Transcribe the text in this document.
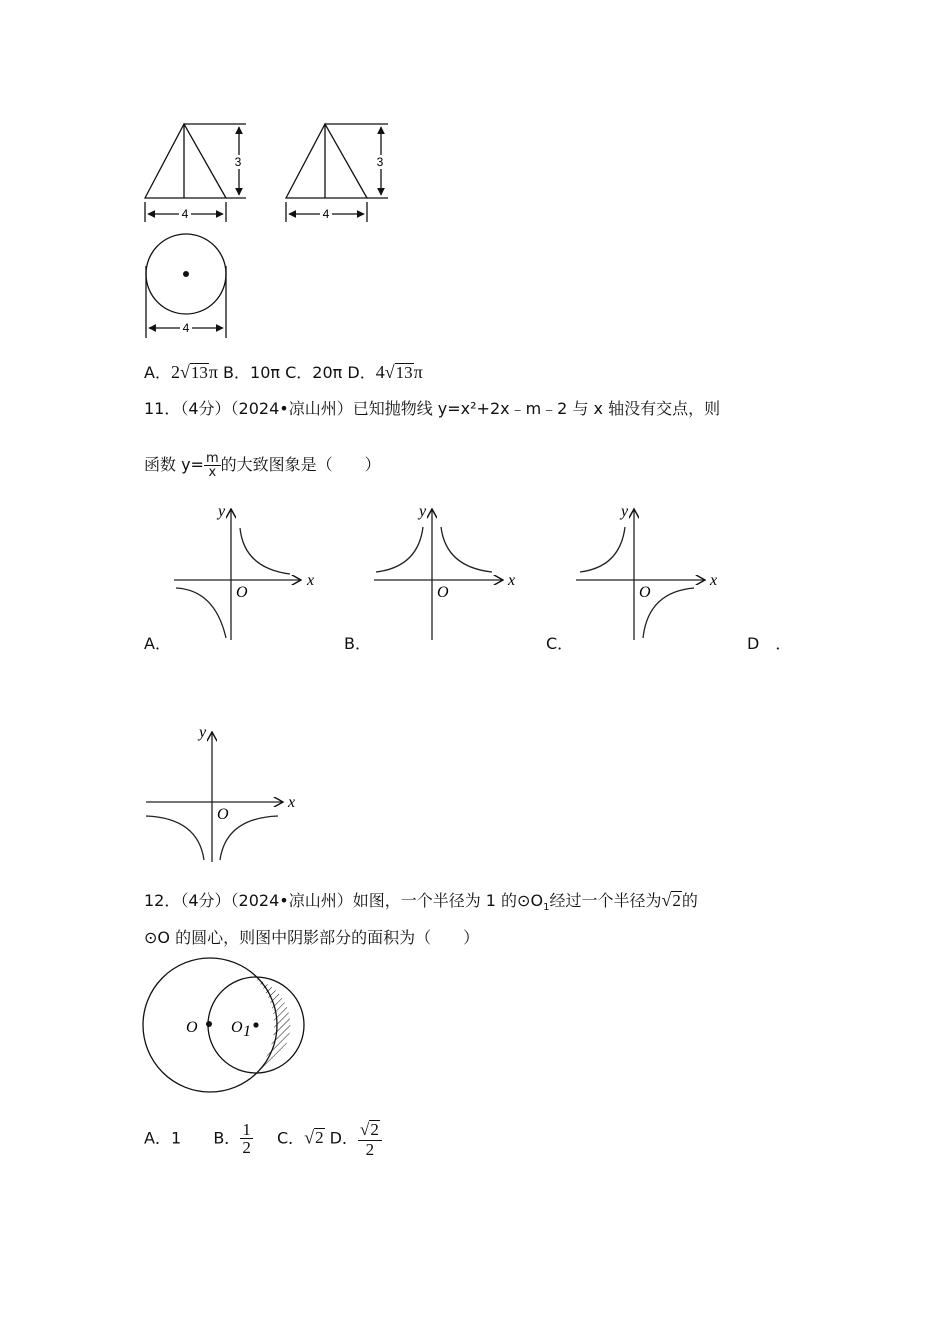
3	3
4	4
4
A．2√13π B．10π C．20π D．4√13π
11．（4分）（2024•凉山州）已知抛物线 y=x²+2x﹣m﹣2 与 x 轴没有交点，则
函数 $y= \frac{m}{x}$ 的大致图象是（　　）
y
x
O
y
x
O
y
x
O
y
x
O
A．	B．	C．	D　．
12．（4分）（2024•凉山州）如图，一个半径为 1 的$⊙O_1$经过一个半径为√2的
⊙O 的圆心，则图中阴影部分的面积为（　　）
O O 1
A．1 B． $\frac{1}{2}$ C．√2 D． $\frac{√2}{2}$
